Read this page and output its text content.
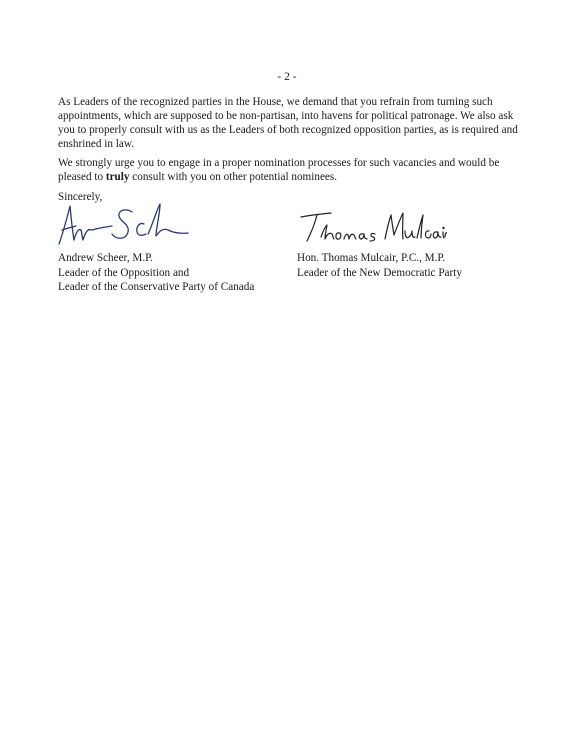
- 2 -

As Leaders of the recognized parties in the House, we demand that you refrain from turning such appointments, which are supposed to be non-partisan, into havens for political patronage. We also ask you to properly consult with us as the Leaders of both recognized opposition parties, as is required and enshrined in law.

We strongly urge you to engage in a proper nomination processes for such vacancies and would be pleased to truly consult with you on other potential nominees.

Sincerely,
Andrew Scheer, M.P.
Leader of the Opposition and
Leader of the Conservative Party of Canada
Hon. Thomas Mulcair, P.C., M.P.
Leader of the New Democratic Party
